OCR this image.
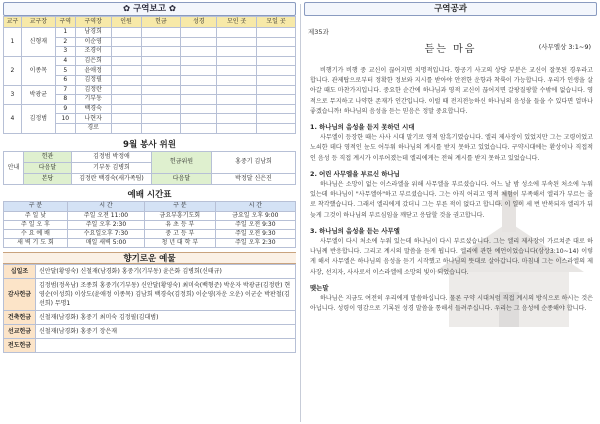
✿ 구역보고 ✿
교구	교구장	구역	구역장	인원	헌금	성경	모인 곳	모일 곳
1	신형재	1	남경희					
		2	이순영					
		3	조경이					
2	이종목	4	김은희					
		5	윤애정					
		6	김정필					
3	박광균	7	김정란					
		8	기부동					
4	김정범	9	백경숙					
		10	나현자					
			경로					
9월 봉사 위원
안내	헌관	김정범 박정애	헌금위원	홍중기 김남희
	다음달	기부동 김병희		
	본당	김정란 백경숙(새가족팀)	다음달	박정달 신은진
예배 시간표
구 분	시 간	구 분	시 간
주 일 낮	주일 오전 11:00	금요부흥기도회	금요일 오후 9:00
주 일 오 후	주일 오후 2:30	유 초 등 부	주일 오전 9:30
수 요 예 배	수요일오후 7:30	중 고 등 부	주일 오전 9:30
새 벽 기 도 회	매일 새벽 5:00	청 년 대 학 부	주일 오후 2:30
향기로운 예물
십일조	신안달(황영숙) 신철재(남경화) 홍중기(기부동) 윤은화 김병희(신태규)
감사헌금	김정범(정옥남) 조종희 홍중기(기부동) 신안달(황영숙) 최미숙(백형준) 박운자 박광균(김정란) 현영순(이성희) 이상도(윤애정 이종목) 김남희 백경숙(김정희) 이순영(자운 오운) 이군순 박판철(김선희) 무명1
건축헌금	신철재(남경화) 홍중기 최미숙 김정필(김대범)
선교헌금	신철재(남경화) 홍중기 장은재
전도헌금	
구역공과
제35과
듣는 마음	(사무엘상 3:1~9)

비행기가 비행 중 교신이 끊어지면 치명적입니다. 항공기 사고의 상당 부분은 교신이 잘못된 경우라고 합니다. 관제탑으로부터 정확한 정보와 지시를 받아야 안전한 운항과 착륙이 가능합니다. 우리가 인생을 살아갈 때도 마찬가지입니다. 중요한 순간에 하나님과 영적 교신이 끊어지면 갈팡질팡할 수밖에 없습니다. 영적으로 무지하고 나약한 존재가 인간입니다. 이럴 때 전지전능하신 하나님의 음성을 들을 수 있다면 얼마나 좋겠습니까! 하나님의 음성을 듣는 믿음은 정말 중요합니다.

1. 하나님의 음성을 듣지 못하던 시대

사무엘이 등장한 때는 사사 시대 말기로 영적 암흑기였습니다. 엘리 제사장이 있었지만 그는 고령이었고 노쇠한 데다 영적인 눈도 어두워 하나님의 계시를 받지 못하고 있었습니다. 구약시대에는 환상이나 직접적인 음성 등 직접 계시가 이루어졌는데 엘리에게는 전혀 계시를 받지 못하고 있었습니다.

2. 어린 사무엘을 부르신 하나님

하나님은 소망이 없는 이스라엘을 위해 사무엘을 부르셨습니다. 어느 날 밤 성소에 부속된 처소에 누워 있는데 하나님이 "사무엘아"하고 부르셨습니다. 그는 아직 어리고 영적 체험이 부족해서 엘리가 부르는 줄로 착각했습니다. 그래서 엘리에게 갔더니 그는 부른 적이 없다고 합니다. 이 일이 세 번 반복되자 엘리가 뒤늦게 그것이 하나님의 부르심임을 깨닫고 응답할 것을 권고합니다.

3. 하나님의 음성을 듣는 사무엘

사무엘이 다시 처소에 누워 있는데 하나님이 다시 부르셨습니다. 그는 엘리 제사장이 가르쳐준 대로 하나님께 반응합니다. 그리고 계시의 말씀을 듣게 됩니다. 엘리에 관한 예언이었습니다(삼상3:10~14) 이렇게 해서 사무엘은 하나님의 음성을 듣기 시작했고 하나님의 뜻대로 살아갑니다. 마침내 그는 이스라엘의 제사장, 선지자, 사사로서 이스라엘에 소망의 빛이 되었습니다.

맺는말

하나님은 지금도 여전히 우리에게 말씀하십니다. 물론 구약 시대처럼 직접 계시의 방식으로 하시는 것은 아닙니다. 성령이 영감으로 기록된 성경 말씀을 통해서 들려주십니다. 우리는 그 음성에 순종해야 합니다.
